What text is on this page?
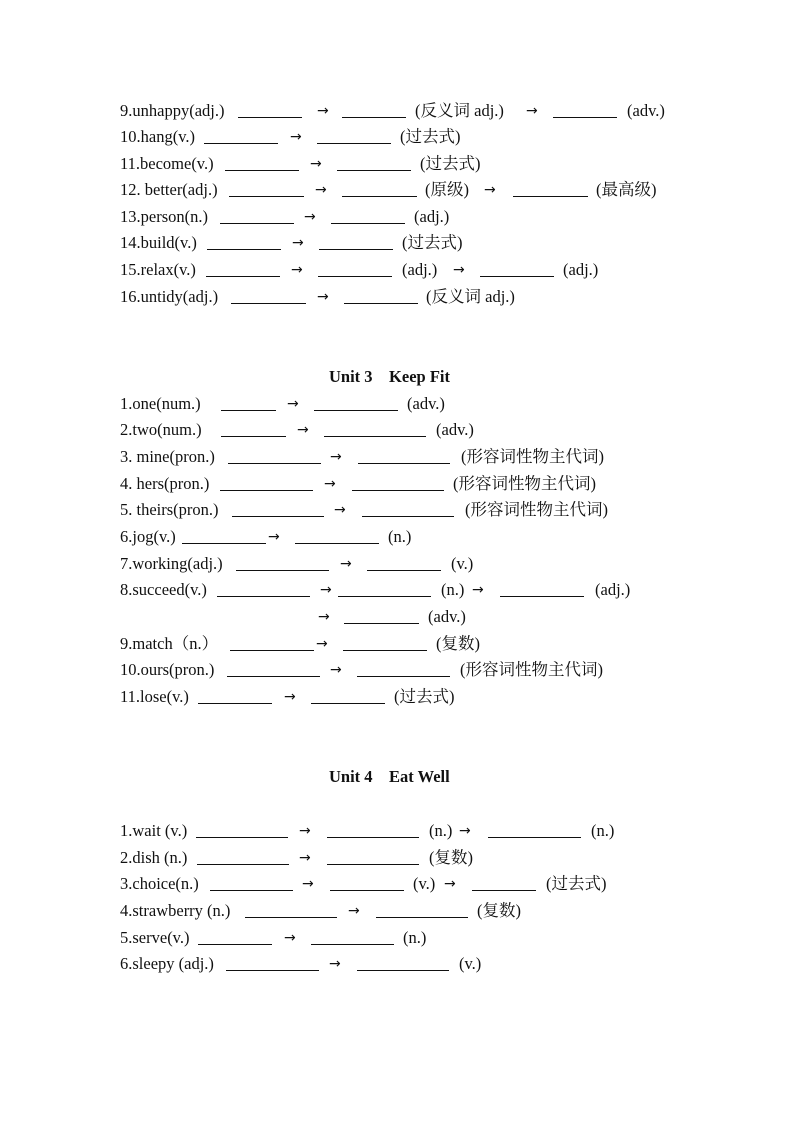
9.unhappy(adj.)	→	(反义词 adj.) →	(adv.)
10.hang(v.)	→	(过去式)
11.become(v.)	→	(过去式)
12. better(adj.)	→	(原级) →	(最高级)
13.person(n.)	→	(adj.)
14.build(v.)	→	(过去式)
15.relax(v.)	→	(adj.) →	(adj.)
16.untidy(adj.)	→	(反义词 adj.)
Unit 3    Keep Fit
1.one(num.)	→	(adv.)
2.two(num.)	→	(adv.)
3. mine(pron.)	→	(形容词性物主代词)
4. hers(pron.)	→	(形容词性物主代词)
5. theirs(pron.)	→	(形容词性物主代词)
6.jog(v.)	→	(n.)
7.working(adj.)	→	(v.)
8.succeed(v.)	→	(n.) →	(adj.)
→	(adv.)
9.match（n.）	→	(复数)
10.ours(pron.)	→	(形容词性物主代词)
11.lose(v.)	→	(过去式)
Unit 4    Eat Well
1.wait (v.)	→	(n.) →	(n.)
2.dish (n.)	→	(复数)
3.choice(n.)	→	(v.) →	(过去式)
4.strawberry (n.)	→	(复数)
5.serve(v.)	→	(n.)
6.sleepy (adj.)	→	(v.)
